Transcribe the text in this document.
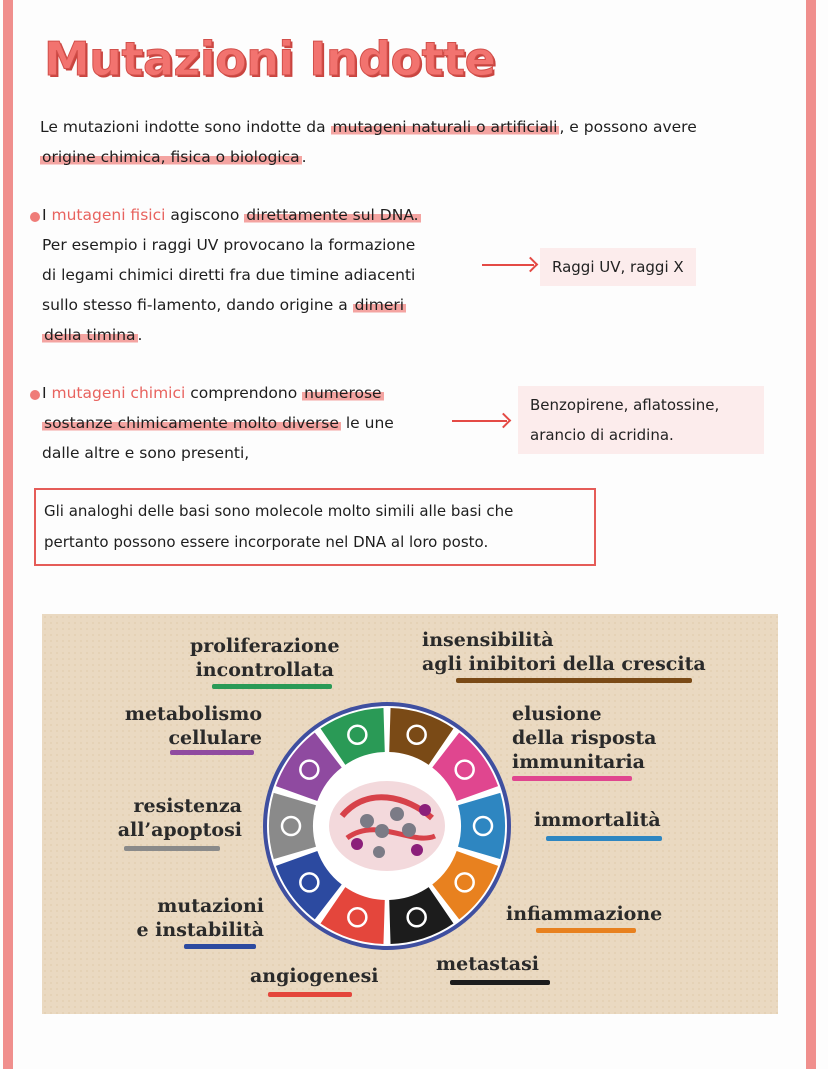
Mutazioni Indotte
Le mutazioni indotte sono indotte da mutageni naturali o artificiali , e possono avere
origine chimica, fisica o biologica .
I mutageni fisici agiscono direttamente sul DNA.
Per esempio i raggi UV provocano la formazione
di legami chimici diretti fra due timine adiacenti
sullo stesso fi-lamento, dando origine a dimeri
della timina .
Raggi UV, raggi X
I mutageni chimici comprendono numerose
sostanze chimicamente molto diverse le une
dalle altre e sono presenti,
Benzopirene, aflatossine,
arancio di acridina.
Gli analoghi delle basi sono molecole molto simili alle basi che
pertanto possono essere incorporate nel DNA al loro posto.
proliferazione
incontrollata
insensibilità
agli inibitori della crescita
metabolismo
cellulare
elusione
della risposta
immunitaria
resistenza
all’apoptosi	immortalità
mutazioni
e instabilità
infiammazione
angiogenesi
metastasi
